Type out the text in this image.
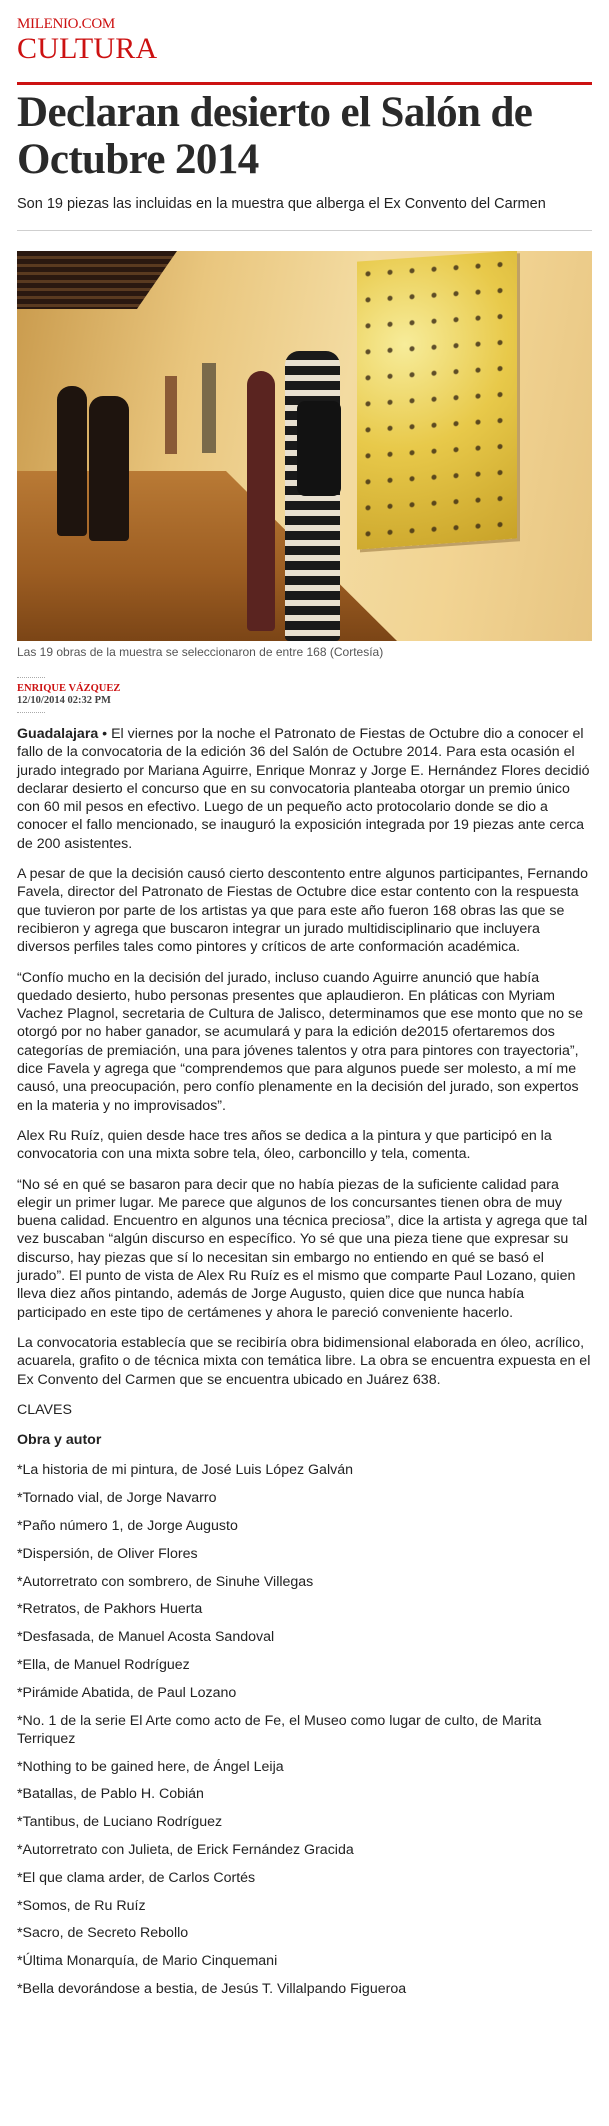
MILENIO.COM
CULTURA
Declaran desierto el Salón de Octubre 2014
Son 19 piezas las incluidas en la muestra que alberga el Ex Convento del Carmen
Las 19 obras de la muestra se seleccionaron de entre 168 (Cortesía)
ENRIQUE VÁZQUEZ
12/10/2014 02:32 PM

Guadalajara • El viernes por la noche el Patronato de Fiestas de Octubre dio a conocer el fallo de la convocatoria de la edición 36 del Salón de Octubre 2014. Para esta ocasión el jurado integrado por Mariana Aguirre, Enrique Monraz y Jorge E. Hernández Flores decidió declarar desierto el concurso que en su convocatoria planteaba otorgar un premio único con 60 mil pesos en efectivo. Luego de un pequeño acto protocolario donde se dio a conocer el fallo mencionado, se inauguró la exposición integrada por 19 piezas ante cerca de 200 asistentes.

A pesar de que la decisión causó cierto descontento entre algunos participantes, Fernando Favela, director del Patronato de Fiestas de Octubre dice estar contento con la respuesta que tuvieron por parte de los artistas ya que para este año fueron 168 obras las que se recibieron y agrega que buscaron integrar un jurado multidisciplinario que incluyera diversos perfiles tales como pintores y críticos de arte conformación académica.

“Confío mucho en la decisión del jurado, incluso cuando Aguirre anunció que había quedado desierto, hubo personas presentes que aplaudieron. En pláticas con Myriam Vachez Plagnol, secretaria de Cultura de Jalisco, determinamos que ese monto que no se otorgó por no haber ganador, se acumulará y para la edición de2015 ofertaremos dos categorías de premiación, una para jóvenes talentos y otra para pintores con trayectoria”, dice Favela y agrega que “comprendemos que para algunos puede ser molesto, a mí me causó, una preocupación, pero confío plenamente en la decisión del jurado, son expertos en la materia y no improvisados”.

Alex Ru Ruíz, quien desde hace tres años se dedica a la pintura y que participó en la convocatoria con una mixta sobre tela, óleo, carboncillo y tela, comenta.

“No sé en qué se basaron para decir que no había piezas de la suficiente calidad para elegir un primer lugar. Me parece que algunos de los concursantes tienen obra de muy buena calidad. Encuentro en algunos una técnica preciosa”, dice la artista y agrega que tal vez buscaban “algún discurso en específico. Yo sé que una pieza tiene que expresar su discurso, hay piezas que sí lo necesitan sin embargo no entiendo en qué se basó el jurado”. El punto de vista de Alex Ru Ruíz es el mismo que comparte Paul Lozano, quien lleva diez años pintando, además de Jorge Augusto, quien dice que nunca había participado en este tipo de certámenes y ahora le pareció conveniente hacerlo.

La convocatoria establecía que se recibiría obra bidimensional elaborada en óleo, acrílico, acuarela, grafito o de técnica mixta con temática libre. La obra se encuentra expuesta en el Ex Convento del Carmen que se encuentra ubicado en Juárez 638.

CLAVES

Obra y autor

*La historia de mi pintura, de José Luis López Galván
*Tornado vial, de Jorge Navarro
*Paño número 1, de Jorge Augusto
*Dispersión, de Oliver Flores
*Autorretrato con sombrero, de Sinuhe Villegas
*Retratos, de Pakhors Huerta
*Desfasada, de Manuel Acosta Sandoval
*Ella, de Manuel Rodríguez
*Pirámide Abatida, de Paul Lozano
*No. 1 de la serie El Arte como acto de Fe, el Museo como lugar de culto, de Marita Terriquez
*Nothing to be gained here, de Ángel Leija
*Batallas, de Pablo H. Cobián
*Tantibus, de Luciano Rodríguez
*Autorretrato con Julieta, de Erick Fernández Gracida
*El que clama arder, de Carlos Cortés
*Somos, de Ru Ruíz
*Sacro, de Secreto Rebollo
*Última Monarquía, de Mario Cinquemani
*Bella devorándose a bestia, de Jesús T. Villalpando Figueroa
